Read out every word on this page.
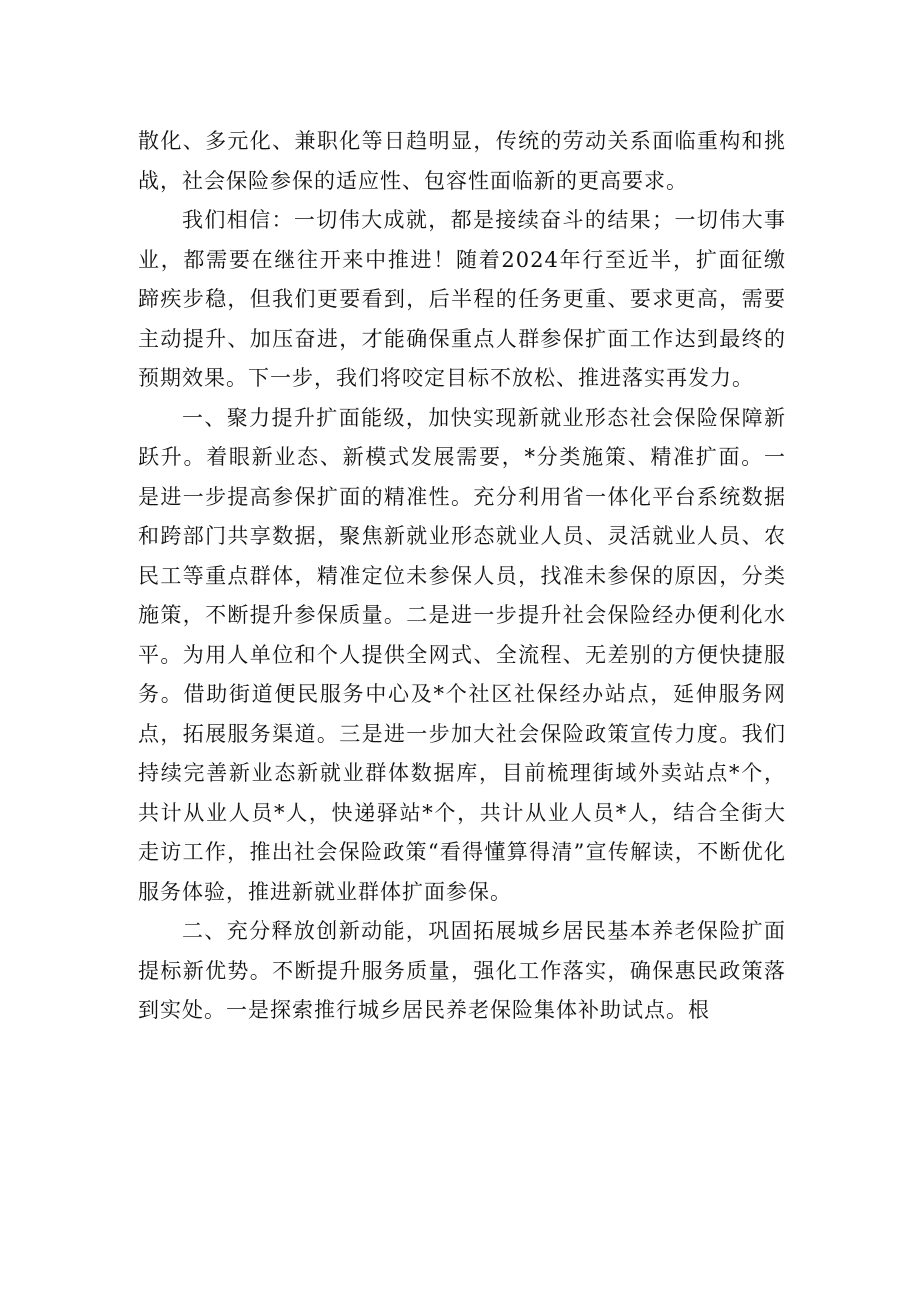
散化、多元化、兼职化等日趋明显，传统的劳动关系面临重构和挑战，社会保险参保的适应性、包容性面临新的更高要求。

我们相信：一切伟大成就，都是接续奋斗的结果；一切伟大事业，都需要在继往开来中推进！随着2024年行至近半，扩面征缴蹄疾步稳，但我们更要看到，后半程的任务更重、要求更高，需要主动提升、加压奋进，才能确保重点人群参保扩面工作达到最终的预期效果。下一步，我们将咬定目标不放松、推进落实再发力。

一、聚力提升扩面能级，加快实现新就业形态社会保险保障新跃升。着眼新业态、新模式发展需要，*分类施策、精准扩面。一是进一步提高参保扩面的精准性。充分利用省一体化平台系统数据和跨部门共享数据，聚焦新就业形态就业人员、灵活就业人员、农民工等重点群体，精准定位未参保人员，找准未参保的原因，分类施策，不断提升参保质量。二是进一步提升社会保险经办便利化水平。为用人单位和个人提供全网式、全流程、无差别的方便快捷服务。借助街道便民服务中心及*个社区社保经办站点，延伸服务网点，拓展服务渠道。三是进一步加大社会保险政策宣传力度。我们持续完善新业态新就业群体数据库，目前梳理街域外卖站点*个，共计从业人员*人，快递驿站*个，共计从业人员*人，结合全街大走访工作，推出社会保险政策“看得懂算得清”宣传解读，不断优化服务体验，推进新就业群体扩面参保。

二、充分释放创新动能，巩固拓展城乡居民基本养老保险扩面提标新优势。不断提升服务质量，强化工作落实，确保惠民政策落到实处。一是探索推行城乡居民养老保险集体补助试点。根
